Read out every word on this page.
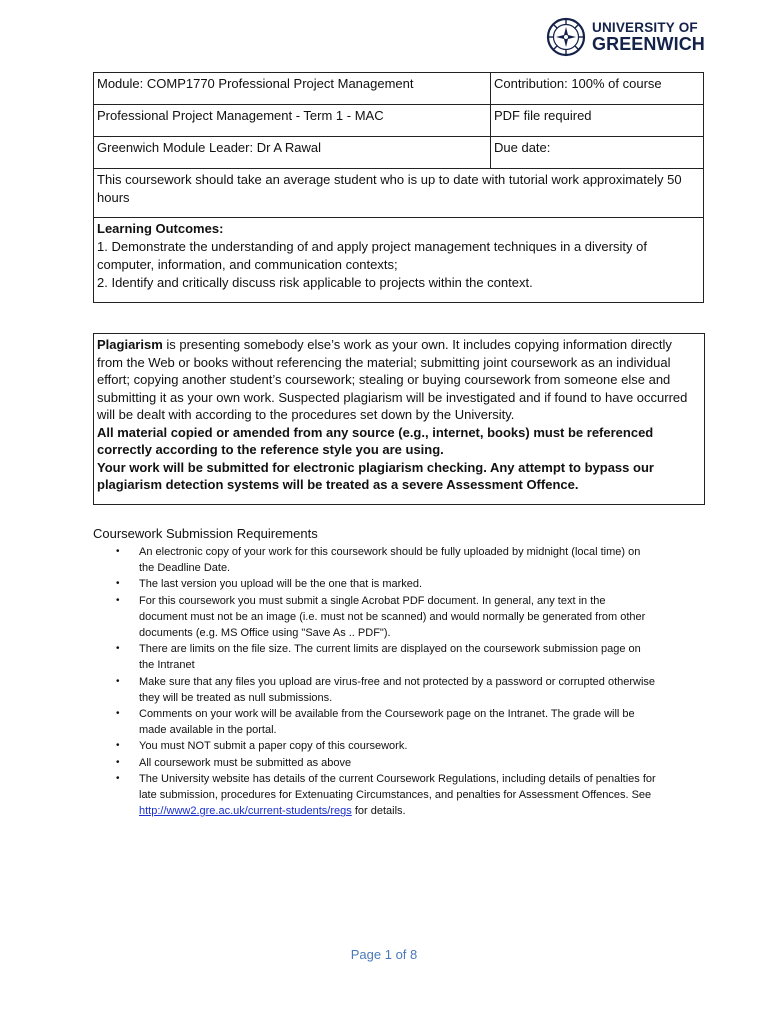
UNIVERSITY OF
GREENWICH
Module: COMP1770 Professional Project Management	Contribution: 100% of course
Professional Project Management - Term 1 - MAC	PDF file required
Greenwich Module Leader: Dr A Rawal	Due date:
This coursework should take an average student who is up to date with tutorial work approximately 50 hours	

Learning Outcomes:
1. Demonstrate the understanding of and apply project management techniques in a diversity of computer, information, and communication contexts;
2. Identify and critically discuss risk applicable to projects within the context.	
Plagiarism is presenting somebody else’s work as your own. It includes copying information directly from the Web or books without referencing the material; submitting joint coursework as an individual effort; copying another student’s coursework; stealing or buying coursework from someone else and submitting it as your own work. Suspected plagiarism will be investigated and if found to have occurred will be dealt with according to the procedures set down by the University.
All material copied or amended from any source (e.g., internet, books) must be referenced correctly according to the reference style you are using.
Your work will be submitted for electronic plagiarism checking. Any attempt to bypass our plagiarism detection systems will be treated as a severe Assessment Offence.
Coursework Submission Requirements
• An electronic copy of your work for this coursework should be fully uploaded by midnight (local time) on the Deadline Date.
• The last version you upload will be the one that is marked.
• For this coursework you must submit a single Acrobat PDF document. In general, any text in the document must not be an image (i.e. must not be scanned) and would normally be generated from other documents (e.g. MS Office using "Save As .. PDF").
• There are limits on the file size. The current limits are displayed on the coursework submission page on the Intranet
• Make sure that any files you upload are virus-free and not protected by a password or corrupted otherwise they will be treated as null submissions.
• Comments on your work will be available from the Coursework page on the Intranet. The grade will be made available in the portal.
• You must NOT submit a paper copy of this coursework.
• All coursework must be submitted as above
• The University website has details of the current Coursework Regulations, including details of penalties for late submission, procedures for Extenuating Circumstances, and penalties for Assessment Offences. See http://www2.gre.ac.uk/current-students/regs for details.
Page 1 of 8
